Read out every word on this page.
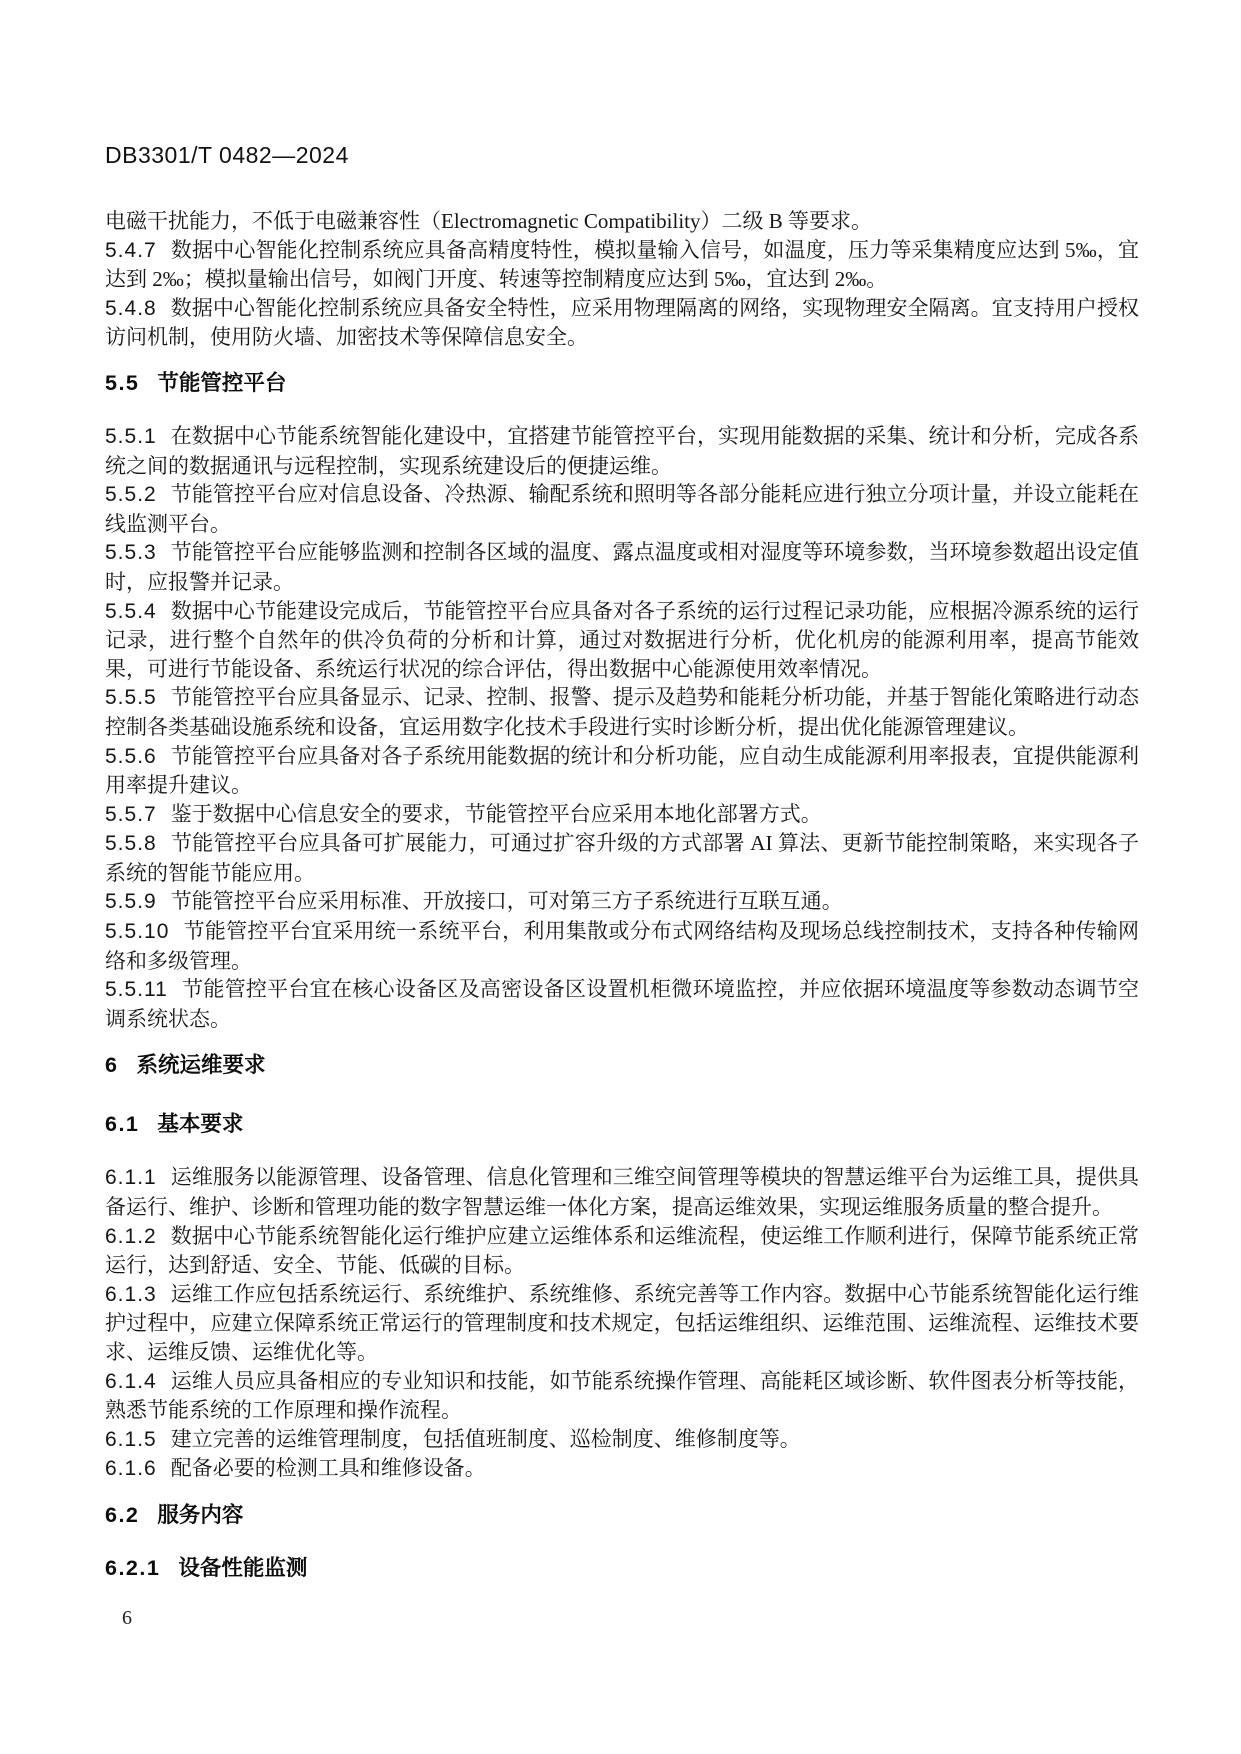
DB3301/T 0482—2024

电磁干扰能力，不低于电磁兼容性（Electromagnetic Compatibility）二级 B 等要求。

5.4.7 数据中心智能化控制系统应具备高精度特性，模拟量输入信号，如温度，压力等采集精度应达到 5‰，宜达到 2‰；模拟量输出信号，如阀门开度、转速等控制精度应达到 5‰，宜达到 2‰。

5.4.8 数据中心智能化控制系统应具备安全特性，应采用物理隔离的网络，实现物理安全隔离。宜支持用户授权访问机制，使用防火墙、加密技术等保障信息安全。

5.5 节能管控平台

5.5.1 在数据中心节能系统智能化建设中，宜搭建节能管控平台，实现用能数据的采集、统计和分析，完成各系统之间的数据通讯与远程控制，实现系统建设后的便捷运维。

5.5.2 节能管控平台应对信息设备、冷热源、输配系统和照明等各部分能耗应进行独立分项计量，并设立能耗在线监测平台。

5.5.3 节能管控平台应能够监测和控制各区域的温度、露点温度或相对湿度等环境参数，当环境参数超出设定值时，应报警并记录。

5.5.4 数据中心节能建设完成后，节能管控平台应具备对各子系统的运行过程记录功能，应根据冷源系统的运行记录，进行整个自然年的供冷负荷的分析和计算，通过对数据进行分析，优化机房的能源利用率，提高节能效果，可进行节能设备、系统运行状况的综合评估，得出数据中心能源使用效率情况。

5.5.5 节能管控平台应具备显示、记录、控制、报警、提示及趋势和能耗分析功能，并基于智能化策略进行动态控制各类基础设施系统和设备，宜运用数字化技术手段进行实时诊断分析，提出优化能源管理建议。

5.5.6 节能管控平台应具备对各子系统用能数据的统计和分析功能，应自动生成能源利用率报表，宜提供能源利用率提升建议。

5.5.7 鉴于数据中心信息安全的要求，节能管控平台应采用本地化部署方式。

5.5.8 节能管控平台应具备可扩展能力，可通过扩容升级的方式部署 AI 算法、更新节能控制策略，来实现各子系统的智能节能应用。

5.5.9 节能管控平台应采用标准、开放接口，可对第三方子系统进行互联互通。

5.5.10 节能管控平台宜采用统一系统平台，利用集散或分布式网络结构及现场总线控制技术，支持各种传输网络和多级管理。

5.5.11 节能管控平台宜在核心设备区及高密设备区设置机柜微环境监控，并应依据环境温度等参数动态调节空调系统状态。

6 系统运维要求
6.1 基本要求

6.1.1 运维服务以能源管理、设备管理、信息化管理和三维空间管理等模块的智慧运维平台为运维工具，提供具备运行、维护、诊断和管理功能的数字智慧运维一体化方案，提高运维效果，实现运维服务质量的整合提升。

6.1.2 数据中心节能系统智能化运行维护应建立运维体系和运维流程，使运维工作顺利进行，保障节能系统正常运行，达到舒适、安全、节能、低碳的目标。

6.1.3 运维工作应包括系统运行、系统维护、系统维修、系统完善等工作内容。数据中心节能系统智能化运行维护过程中，应建立保障系统正常运行的管理制度和技术规定，包括运维组织、运维范围、运维流程、运维技术要求、运维反馈、运维优化等。

6.1.4 运维人员应具备相应的专业知识和技能，如节能系统操作管理、高能耗区域诊断、软件图表分析等技能，熟悉节能系统的工作原理和操作流程。

6.1.5 建立完善的运维管理制度，包括值班制度、巡检制度、维修制度等。

6.1.6 配备必要的检测工具和维修设备。

6.2 服务内容
6.2.1 设备性能监测
6
